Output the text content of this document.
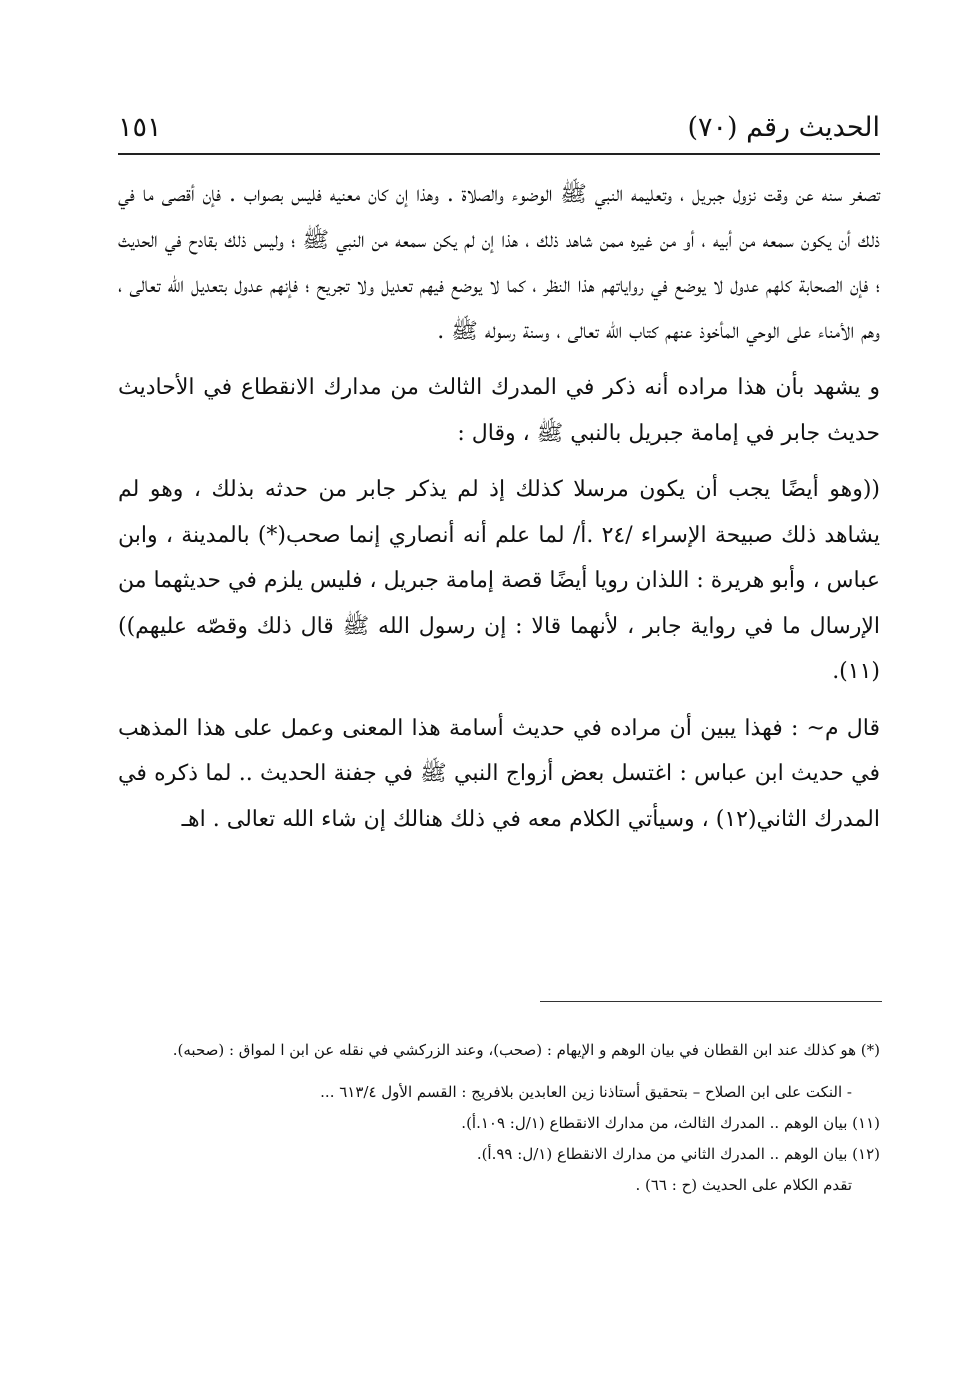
الحديث رقم (٧٠)
١٥١

تصغر سنه عن وقت نزول جبريل ، وتعليمه النبي ﷺ الوضوء والصلاة . وهذا إن كان معنيه فليس بصواب . فإن أقصى ما في ذلك أن يكون سمعه من أبيه ، أو من غيره ممن شاهد ذلك ، هذا إن لم يكن سمعه من النبي ﷺ ؛ وليس ذلك بقادح في الحديث ؛ فإن الصحابة كلهم عدول لا يوضع في رواياتهم هذا النظر ، كما لا يوضع فيهم تعديل ولا تجريح ؛ فإنهم عدول بتعديل الله تعالى ، وهم الأمناء على الوحي المأخوذ عنهم كتاب الله تعالى ، وسنة رسوله ﷺ .

و يشهد بأن هذا مراده أنه ذكر في المدرك الثالث من مدارك الانقطاع في الأحاديث حديث جابر في إمامة جبريل بالنبي ﷺ ، وقال :

((وهو أيضًا يجب أن يكون مرسلا كذلك إذ لم يذكر جابر من حدثه بذلك ، وهو لم يشاهد ذلك صبيحة الإسراء /٢٤ .أ/ لما علم أنه أنصاري إنما صحب(*) بالمدينة ، وابن عباس ، وأبو هريرة : اللذان رويا أيضًا قصة إمامة جبريل ، فليس يلزم في حديثهما من الإرسال ما في رواية جابر ، لأنهما قالا : إن رسول الله ﷺ قال ذلك وقصّه عليهم))(١١).

قال م~ : فهذا يبين أن مراده في حديث أسامة هذا المعنى وعمل على هذا المذهب في حديث ابن عباس : اغتسل بعض أزواج النبي ﷺ في جفنة الحديث .. لما ذكره في المدرك الثاني(١٢) ، وسيأتي الكلام معه في ذلك هنالك إن شاء الله تعالى . اهـ

(*) هو كذلك عند ابن القطان في بيان الوهم و الإيهام : (صحب)، وعند الزركشي في نقله عن ابن ا لمواق : (صحبه).

- النكت على ابن الصلاح – بتحقيق أستاذنا زين العابدين بلافريج : القسم الأول ٦١٣/٤ ...

(١١) بيان الوهم .. المدرك الثالث، من مدارك الانقطاع (١/ل: ١٠٩.أ).

(١٢) بيان الوهم .. المدرك الثاني من مدارك الانقطاع (١/ل: ٩٩.أ).

تقدم الكلام على الحديث (ح : ٦٦) .
